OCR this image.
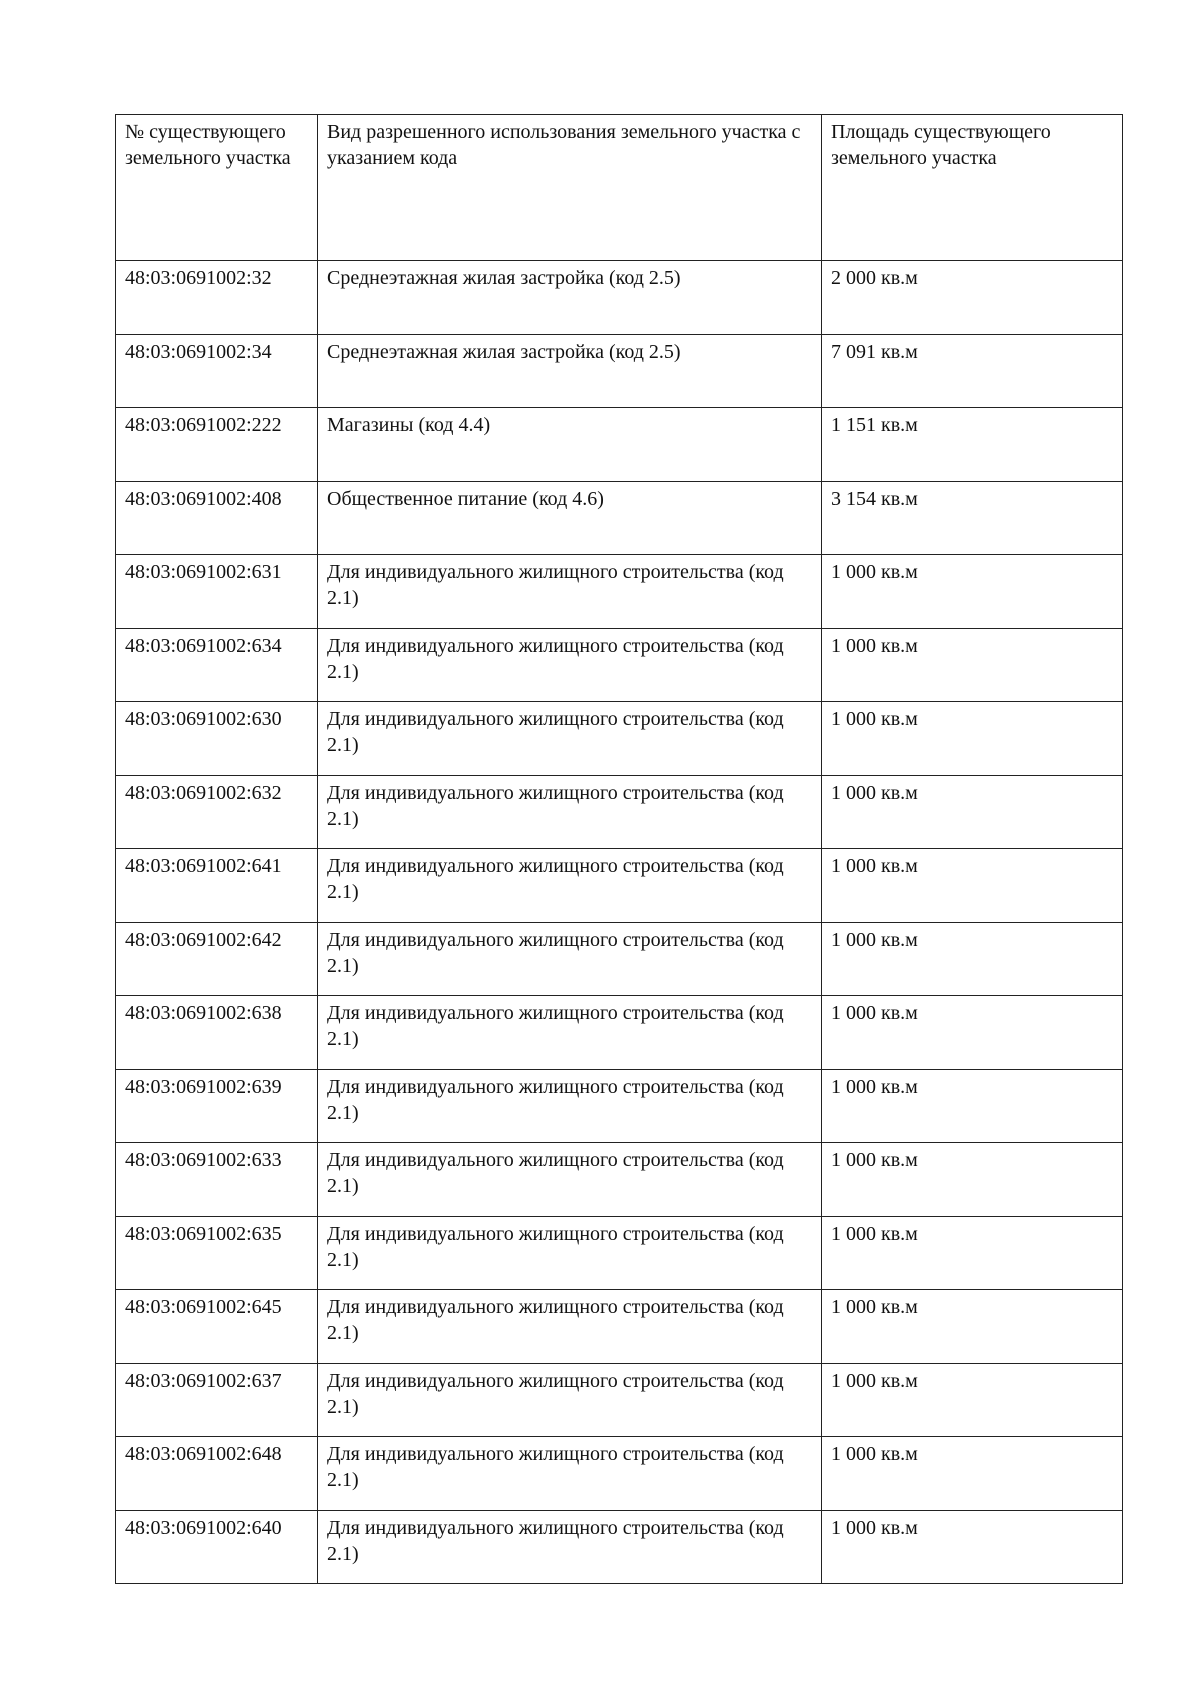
№ существующего земельного участка	Вид разрешенного использования земельного участка с указанием кода	Площадь существующего земельного участка
48:03:0691002:32	Среднеэтажная жилая застройка (код 2.5)	2 000 кв.м
48:03:0691002:34	Среднеэтажная жилая застройка (код 2.5)	7 091 кв.м
48:03:0691002:222	Магазины (код 4.4)	1 151 кв.м
48:03:0691002:408	Общественное питание (код 4.6)	3 154 кв.м
48:03:0691002:631	Для индивидуального жилищного строительства (код 2.1)	1 000 кв.м
48:03:0691002:634	Для индивидуального жилищного строительства (код 2.1)	1 000 кв.м
48:03:0691002:630	Для индивидуального жилищного строительства (код 2.1)	1 000 кв.м
48:03:0691002:632	Для индивидуального жилищного строительства (код 2.1)	1 000 кв.м
48:03:0691002:641	Для индивидуального жилищного строительства (код 2.1)	1 000 кв.м
48:03:0691002:642	Для индивидуального жилищного строительства (код 2.1)	1 000 кв.м
48:03:0691002:638	Для индивидуального жилищного строительства (код 2.1)	1 000 кв.м
48:03:0691002:639	Для индивидуального жилищного строительства (код 2.1)	1 000 кв.м
48:03:0691002:633	Для индивидуального жилищного строительства (код 2.1)	1 000 кв.м
48:03:0691002:635	Для индивидуального жилищного строительства (код 2.1)	1 000 кв.м
48:03:0691002:645	Для индивидуального жилищного строительства (код 2.1)	1 000 кв.м
48:03:0691002:637	Для индивидуального жилищного строительства (код 2.1)	1 000 кв.м
48:03:0691002:648	Для индивидуального жилищного строительства (код 2.1)	1 000 кв.м
48:03:0691002:640	Для индивидуального жилищного строительства (код 2.1)	1 000 кв.м
